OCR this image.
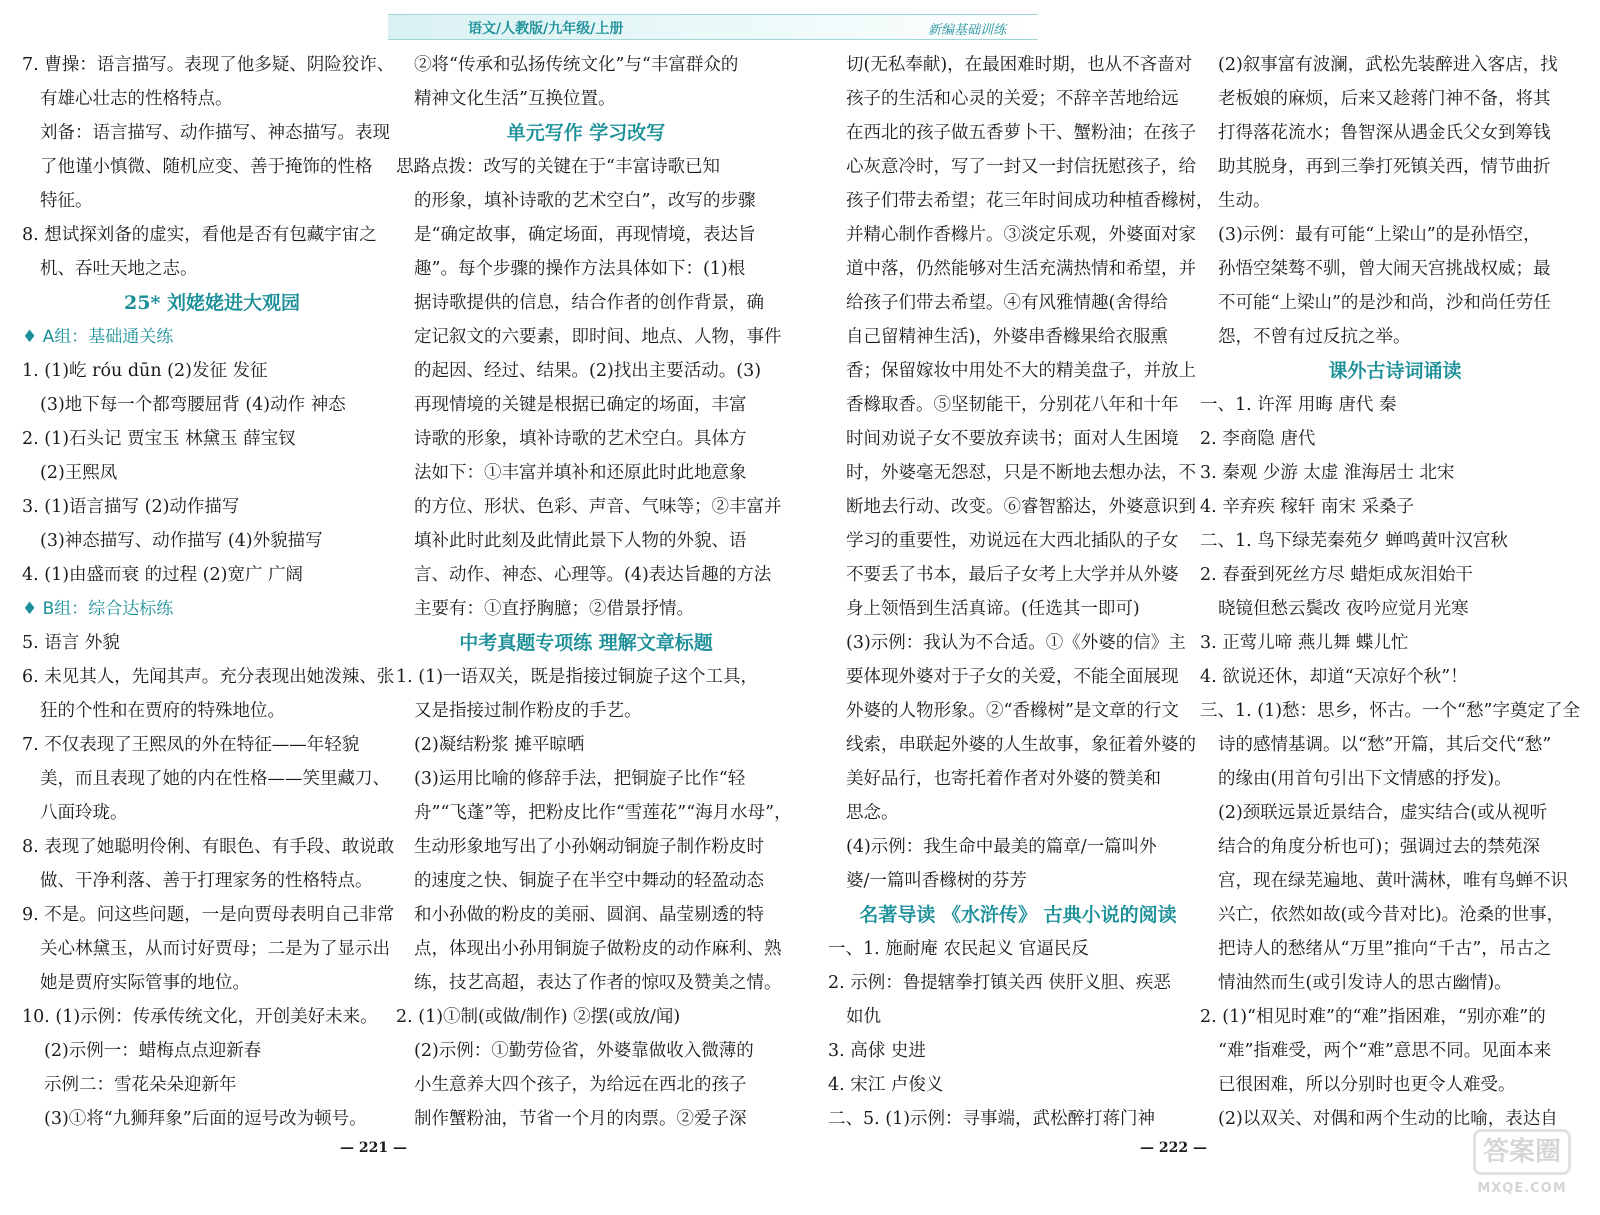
语文/人教版/九年级/上册	新编基础训练

7. 曹操：语言描写。表现了他多疑、阴险狡诈、

有雄心壮志的性格特点。

刘备：语言描写、动作描写、神态描写。表现

了他谨小慎微、随机应变、善于掩饰的性格

特征。

8. 想试探刘备的虚实，看他是否有包藏宇宙之

机、吞吐天地之志。

25* 刘姥姥进大观园

♦ A组：基础通关练

1. (1)屹 róu dūn (2)发征 发征

(3)地下每一个都弯腰屈背 (4)动作 神态

2. (1)石头记 贾宝玉 林黛玉 薛宝钗

(2)王熙凤

3. (1)语言描写 (2)动作描写

(3)神态描写、动作描写 (4)外貌描写

4. (1)由盛而衰 的过程 (2)宽广 广阔

♦ B组：综合达标练

5. 语言 外貌

6. 未见其人，先闻其声。充分表现出她泼辣、张

狂的个性和在贾府的特殊地位。

7. 不仅表现了王熙凤的外在特征——年轻貌

美，而且表现了她的内在性格——笑里藏刀、

八面玲珑。

8. 表现了她聪明伶俐、有眼色、有手段、敢说敢

做、干净利落、善于打理家务的性格特点。

9. 不是。问这些问题，一是向贾母表明自己非常

关心林黛玉，从而讨好贾母；二是为了显示出

她是贾府实际管事的地位。

10. (1)示例：传承传统文化，开创美好未来。

(2)示例一：蜡梅点点迎新春

示例二：雪花朵朵迎新年

(3)①将“九狮拜象”后面的逗号改为顿号。

②将“传承和弘扬传统文化”与“丰富群众的

精神文化生活”互换位置。

单元写作 学习改写

思路点拨：改写的关键在于“丰富诗歌已知

的形象，填补诗歌的艺术空白”，改写的步骤

是“确定故事，确定场面，再现情境，表达旨

趣”。每个步骤的操作方法具体如下：(1)根

据诗歌提供的信息，结合作者的创作背景，确

定记叙文的六要素，即时间、地点、人物，事件

的起因、经过、结果。(2)找出主要活动。(3)

再现情境的关键是根据已确定的场面，丰富

诗歌的形象，填补诗歌的艺术空白。具体方

法如下：①丰富并填补和还原此时此地意象

的方位、形状、色彩、声音、气味等；②丰富并

填补此时此刻及此情此景下人物的外貌、语

言、动作、神态、心理等。(4)表达旨趣的方法

主要有：①直抒胸臆；②借景抒情。

中考真题专项练 理解文章标题

1. (1)一语双关，既是指接过铜旋子这个工具，

又是指接过制作粉皮的手艺。

(2)凝结粉浆 摊平晾晒

(3)运用比喻的修辞手法，把铜旋子比作“轻

舟”“飞蓬”等，把粉皮比作“雪莲花”“海月水母”，

生动形象地写出了小孙娴动铜旋子制作粉皮时

的速度之快、铜旋子在半空中舞动的轻盈动态

和小孙做的粉皮的美丽、圆润、晶莹剔透的特

点，体现出小孙用铜旋子做粉皮的动作麻利、熟

练，技艺高超，表达了作者的惊叹及赞美之情。

2. (1)①制(或做/制作) ②摆(或放/闻)

(2)示例：①勤劳俭省，外婆靠做收入微薄的

小生意养大四个孩子，为给远在西北的孩子

制作蟹粉油，节省一个月的肉票。②爱子深

切(无私奉献)，在最困难时期，也从不吝啬对

孩子的生活和心灵的关爱；不辞辛苦地给远

在西北的孩子做五香萝卜干、蟹粉油；在孩子

心灰意冷时，写了一封又一封信抚慰孩子，给

孩子们带去希望；花三年时间成功种植香橼树，

并精心制作香橼片。③淡定乐观，外婆面对家

道中落，仍然能够对生活充满热情和希望，并

给孩子们带去希望。④有风雅情趣(舍得给

自己留精神生活)，外婆串香橼果给衣服熏

香；保留嫁妆中用处不大的精美盘子，并放上

香橼取香。⑤坚韧能干，分别花八年和十年

时间劝说子女不要放弃读书；面对人生困境

时，外婆毫无怨怼，只是不断地去想办法，不

断地去行动、改变。⑥睿智豁达，外婆意识到

学习的重要性，劝说远在大西北插队的子女

不要丢了书本，最后子女考上大学并从外婆

身上领悟到生活真谛。(任选其一即可)

(3)示例：我认为不合适。①《外婆的信》主

要体现外婆对于子女的关爱，不能全面展现

外婆的人物形象。②“香橼树”是文章的行文

线索，串联起外婆的人生故事，象征着外婆的

美好品行，也寄托着作者对外婆的赞美和

思念。

(4)示例：我生命中最美的篇章/一篇叫外

婆/一篇叫香橼树的芬芳

名著导读 《水浒传》 古典小说的阅读

一、1. 施耐庵 农民起义 官逼民反

2. 示例：鲁提辖拳打镇关西 侠肝义胆、疾恶

如仇

3. 高俅 史进

4. 宋江 卢俊义

二、5. (1)示例：寻事端，武松醉打蒋门神

(2)叙事富有波澜，武松先装醉进入客店，找

老板娘的麻烦，后来又趁蒋门神不备，将其

打得落花流水；鲁智深从遇金氏父女到筹钱

助其脱身，再到三拳打死镇关西，情节曲折

生动。

(3)示例：最有可能“上梁山”的是孙悟空，

孙悟空桀骜不驯，曾大闹天宫挑战权威；最

不可能“上梁山”的是沙和尚，沙和尚任劳任

怨，不曾有过反抗之举。

课外古诗词诵读

一、1. 许浑 用晦 唐代 秦

2. 李商隐 唐代

3. 秦观 少游 太虚 淮海居士 北宋

4. 辛弃疾 稼轩 南宋 采桑子

二、1. 鸟下绿芜秦苑夕 蝉鸣黄叶汉宫秋

2. 春蚕到死丝方尽 蜡炬成灰泪始干

晓镜但愁云鬓改 夜吟应觉月光寒

3. 正莺儿啼 燕儿舞 蝶儿忙

4. 欲说还休，却道“天凉好个秋”！

三、1. (1)愁：思乡，怀古。一个“愁”字奠定了全

诗的感情基调。以“愁”开篇，其后交代“愁”

的缘由(用首句引出下文情感的抒发)。

(2)颈联远景近景结合，虚实结合(或从视听

结合的角度分析也可)；强调过去的禁苑深

宫，现在绿芜遍地、黄叶满林，唯有鸟蝉不识

兴亡，依然如故(或今昔对比)。沧桑的世事，

把诗人的愁绪从“万里”推向“千古”，吊古之

情油然而生(或引发诗人的思古幽情)。

2. (1)“相见时难”的“难”指困难，“别亦难”的

“难”指难受，两个“难”意思不同。见面本来

已很困难，所以分别时也更令人难受。

(2)以双关、对偶和两个生动的比喻，表达自

— 221 —	— 222 —	答案圈
MXQE.COM
